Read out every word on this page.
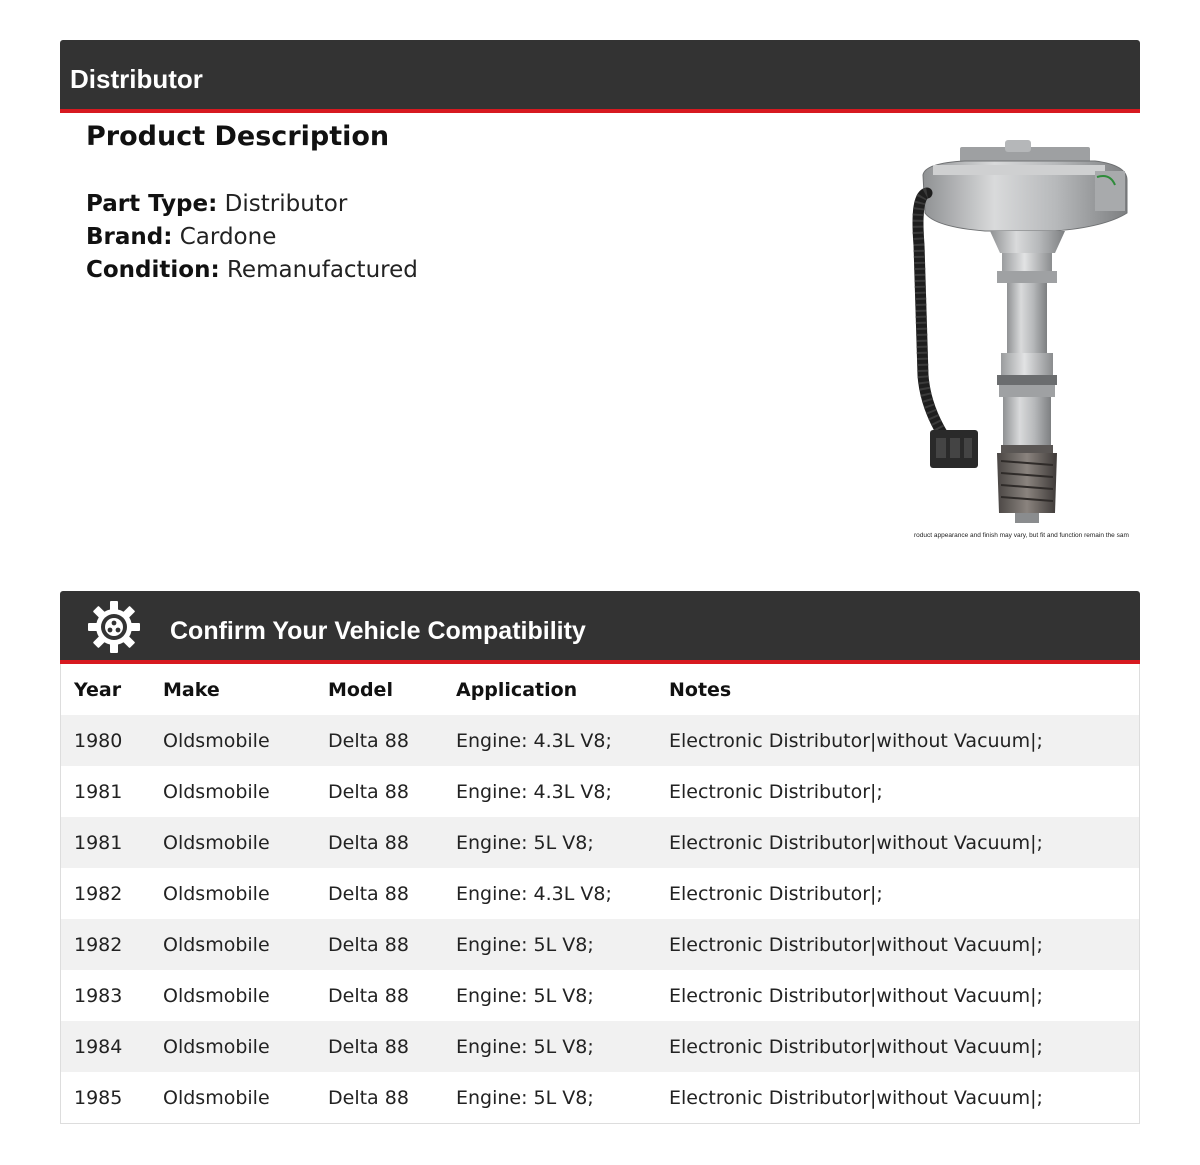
Distributor
Product Description
Part Type: Distributor
Brand: Cardone
Condition: Remanufactured
roduct appearance and finish may vary, but fit and function remain the sam
Confirm Your Vehicle Compatibility
Year	Make	Model	Application	Notes
1980	Oldsmobile	Delta 88	Engine: 4.3L V8;	Electronic Distributor|without Vacuum|;
1981	Oldsmobile	Delta 88	Engine: 4.3L V8;	Electronic Distributor|;
1981	Oldsmobile	Delta 88	Engine: 5L V8;	Electronic Distributor|without Vacuum|;
1982	Oldsmobile	Delta 88	Engine: 4.3L V8;	Electronic Distributor|;
1982	Oldsmobile	Delta 88	Engine: 5L V8;	Electronic Distributor|without Vacuum|;
1983	Oldsmobile	Delta 88	Engine: 5L V8;	Electronic Distributor|without Vacuum|;
1984	Oldsmobile	Delta 88	Engine: 5L V8;	Electronic Distributor|without Vacuum|;
1985	Oldsmobile	Delta 88	Engine: 5L V8;	Electronic Distributor|without Vacuum|;
